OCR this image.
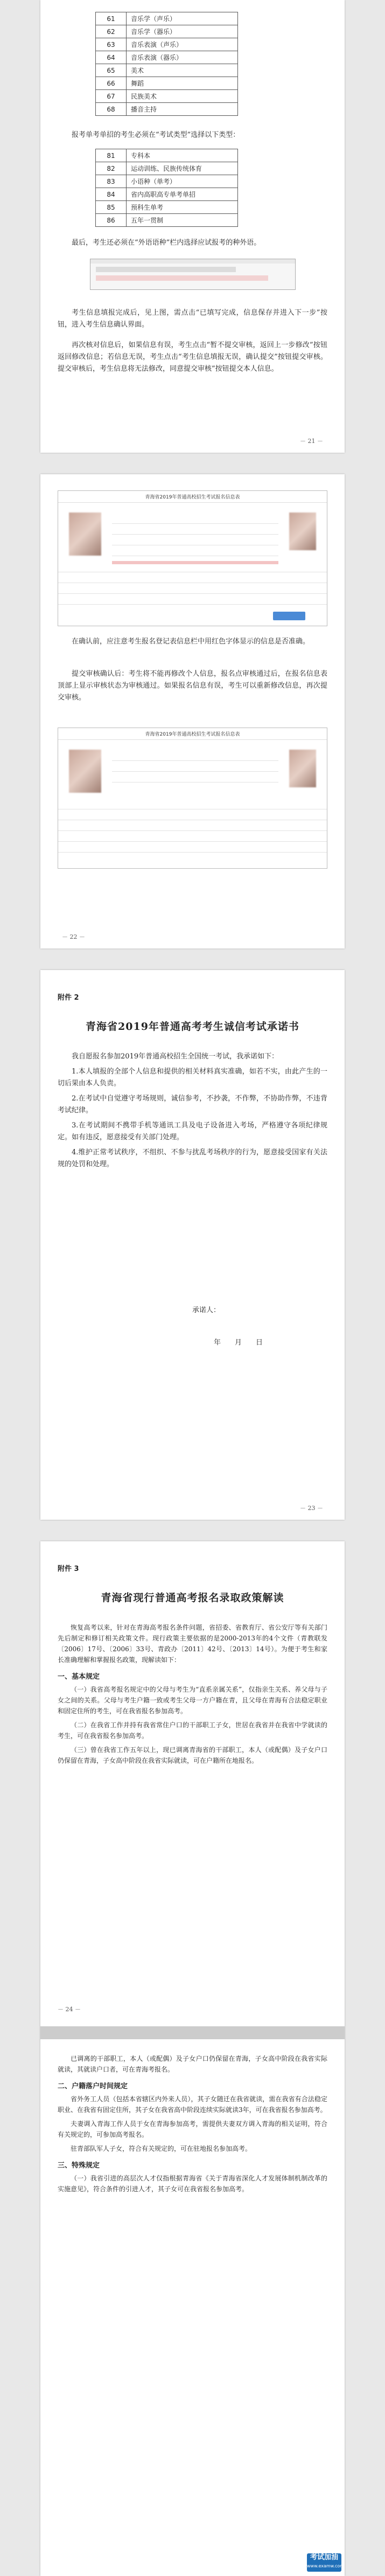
61	音乐学（声乐）
62	音乐学（器乐）
63	音乐表演（声乐）
64	音乐表演（器乐）
65	美术
66	舞蹈
67	民族美术
68	播音主持

报考单考单招的考生必须在“考试类型”选择以下类型：

81	专科本
82	运动训练、民族传统体育
83	小语种（单考）
84	省内高职高专单考单招
85	预科生单考
86	五年一贯制

最后，考生还必须在“外语语种”栏内选择应试报考的种外语。

考生信息填报完成后，见上图，需点击“已填写完成，信息保存并进入下一步”按钮，进入考生信息确认界面。

再次核对信息后，如果信息有误，考生点击“暂不提交审核，返回上一步修改”按钮返回修改信息；若信息无误，考生点击“考生信息填报无误，确认提交”按钮提交审核。提交审核后，考生信息将无法修改，同意提交审核”按钮提交本人信息。

－ 21 －
青海省2019年普通高校招生考试报名信息表

在确认前，应注意考生报名登记表信息栏中用红色字体显示的信息是否准确。

提交审核确认后：考生将不能再修改个人信息，报名点审核通过后，在报名信息表顶部上显示审核状态为审核通过。如果报名信息有误，考生可以重新修改信息，再次提交审核。

青海省2019年普通高校招生考试报名信息表
－ 22 －
附件 2
青海省2019年普通高考考生诚信考试承诺书

我自愿报名参加2019年普通高校招生全国统一考试，我承诺如下：

1.本人填报的全部个人信息和提供的相关材料真实准确，如若不实，由此产生的一切后果由本人负责。

2.在考试中自觉遵守考场规则，诚信参考，不抄袭，不作弊，不协助作弊，不违背考试纪律。

3.在考试期间不携带手机等通讯工具及电子设备进入考场，严格遵守各项纪律规定。如有违反，愿意接受有关部门处理。

4.维护正常考试秩序，不组织、不参与扰乱考场秩序的行为，愿意接受国家有关法规的处罚和处理。

承诺人：
年　　月　　日
－ 23 －
附件 3
青海省现行普通高考报名录取政策解读

恢复高考以来，针对在青海高考报名条件问题，省招委、省教育厅、省公安厅等有关部门先后制定和修订相关政策文件。现行政策主要依据的是2000-2013年的4个文件（青教联发〔2006〕17号、〔2006〕33号、青政办〔2011〕42号、〔2013〕14号）。为便于考生和家长准确理解和掌握报名政策，现解读如下：

一、基本规定

（一）我省高考报名规定中的父母与考生为“直系亲属关系”，仅指亲生关系、养父母与子女之间的关系。父母与考生户籍一致或考生父母一方户籍在青，且父母在青海有合法稳定职业和固定住所的考生，可在我省报名参加高考。

（二）在我省工作并持有我省常住户口的干部职工子女，世居在我省并在我省中学就读的考生，可在我省报名参加高考。

（三）曾在我省工作五年以上，现已调离青海省的干部职工，本人（或配偶）及子女户口仍保留在青海，子女高中阶段在我省实际就读，可在户籍所在地报名。

－ 24 －

已调离的干部职工，本人（或配偶）及子女户口仍保留在青海，子女高中阶段在我省实际就读，其就读户口者，可在青海考报名。

二、户籍落户时间规定

省外务工人员（包括本省辖区内外来人员），其子女随迁在我省就读，需在我省有合法稳定职业、在我省有固定住所，其子女在我省高中阶段连续实际就读3年，可在我省报名参加高考。

夫妻调入青海工作人员于女在青海参加高考，需提供夫妻双方调入青海的相关证明，符合有关规定的，可参加高考报名。

驻青部队军人子女，符合有关规定的，可在驻地报名参加高考。

三、特殊规定

（一）我省引进的高层次人才仅指根据青海省《关于青海省深化人才发展体制机制改革的实施意见》，符合条件的引进人才，其子女可在我省报名参加高考。

考试加油
www.examw.com
